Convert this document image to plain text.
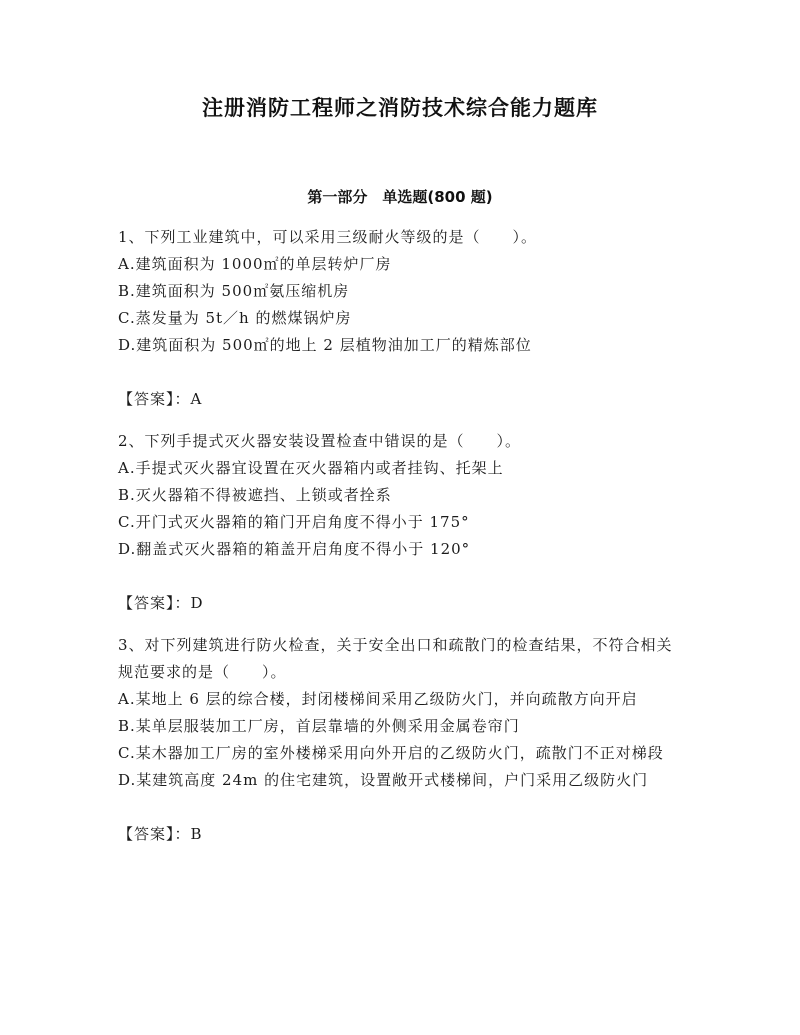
注册消防工程师之消防技术综合能力题库
第一部分　单选题(800 题)

1、下列工业建筑中，可以采用三级耐火等级的是（　　）。

A.建筑面积为 1000㎡的单层转炉厂房

B.建筑面积为 500㎡氨压缩机房

C.蒸发量为 5t／h 的燃煤锅炉房

D.建筑面积为 500㎡的地上 2 层植物油加工厂的精炼部位

【答案】：A

2、下列手提式灭火器安装设置检查中错误的是（　　）。

A.手提式灭火器宜设置在灭火器箱内或者挂钩、托架上

B.灭火器箱不得被遮挡、上锁或者拴系

C.开门式灭火器箱的箱门开启角度不得小于 175°

D.翻盖式灭火器箱的箱盖开启角度不得小于 120°

【答案】：D

3、对下列建筑进行防火检查，关于安全出口和疏散门的检查结果，不符合相关规范要求的是（　　）。

A.某地上 6 层的综合楼，封闭楼梯间采用乙级防火门，并向疏散方向开启

B.某单层服装加工厂房，首层靠墙的外侧采用金属卷帘门

C.某木器加工厂房的室外楼梯采用向外开启的乙级防火门，疏散门不正对梯段

D.某建筑高度 24m 的住宅建筑，设置敞开式楼梯间，户门采用乙级防火门

【答案】：B
